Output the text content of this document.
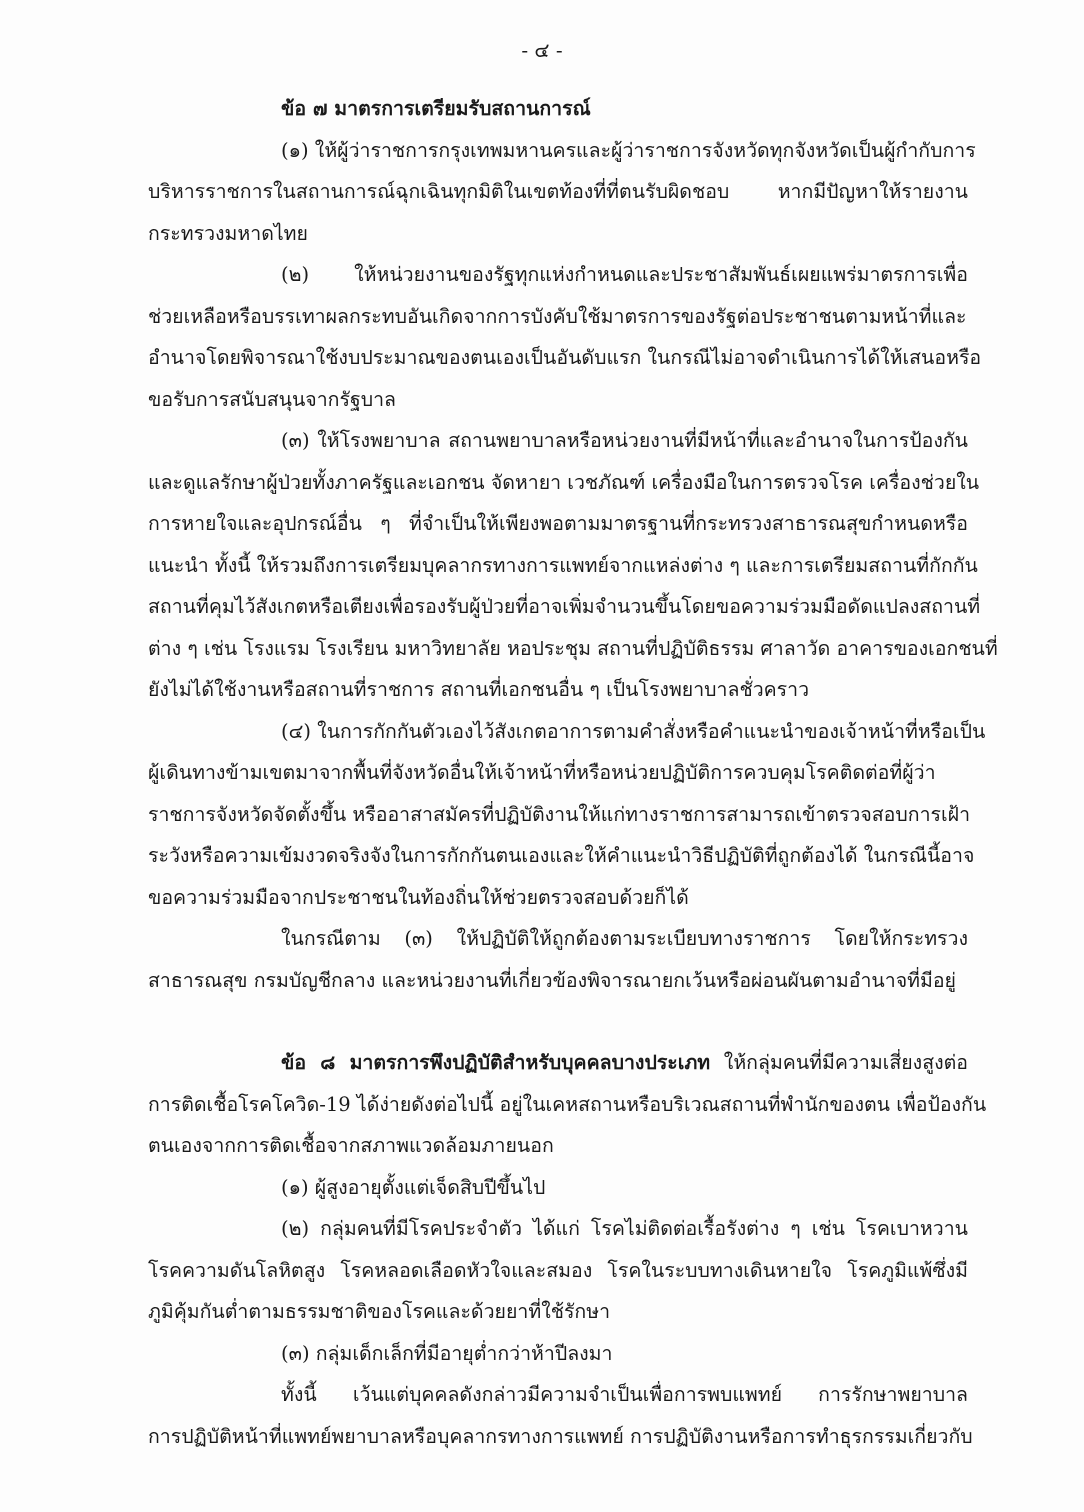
- ๔ -
ข้อ ๗ มาตรการเตรียมรับสถานการณ์
(๑) ให้ผู้ว่าราชการกรุงเทพมหานครและผู้ว่าราชการจังหวัดทุกจังหวัดเป็นผู้กำกับการ
บริหารราชการในสถานการณ์ฉุกเฉินทุกมิติในเขตท้องที่ที่ตนรับผิดชอบ หากมีปัญหาให้รายงาน
กระทรวงมหาดไทย
(๒) ให้หน่วยงานของรัฐทุกแห่งกำหนดและประชาสัมพันธ์เผยแพร่มาตรการเพื่อ
ช่วยเหลือหรือบรรเทาผลกระทบอันเกิดจากการบังคับใช้มาตรการของรัฐต่อประชาชนตามหน้าที่และ
อำนาจโดยพิจารณาใช้งบประมาณของตนเองเป็นอันดับแรก ในกรณีไม่อาจดำเนินการได้ให้เสนอหรือ
ขอรับการสนับสนุนจากรัฐบาล
(๓) ให้โรงพยาบาล สถานพยาบาลหรือหน่วยงานที่มีหน้าที่และอำนาจในการป้องกัน
และดูแลรักษาผู้ป่วยทั้งภาครัฐและเอกชน จัดหายา เวชภัณฑ์ เครื่องมือในการตรวจโรค เครื่องช่วยใน
การหายใจและอุปกรณ์อื่น ๆ ที่จำเป็นให้เพียงพอตามมาตรฐานที่กระทรวงสาธารณสุขกำหนดหรือ
แนะนำ ทั้งนี้ ให้รวมถึงการเตรียมบุคลากรทางการแพทย์จากแหล่งต่าง ๆ และการเตรียมสถานที่กักกัน
สถานที่คุมไว้สังเกตหรือเตียงเพื่อรองรับผู้ป่วยที่อาจเพิ่มจำนวนขึ้นโดยขอความร่วมมือดัดแปลงสถานที่
ต่าง ๆ เช่น โรงแรม โรงเรียน มหาวิทยาลัย หอประชุม สถานที่ปฏิบัติธรรม ศาลาวัด อาคารของเอกชนที่
ยังไม่ได้ใช้งานหรือสถานที่ราชการ สถานที่เอกชนอื่น ๆ เป็นโรงพยาบาลชั่วคราว
(๔) ในการกักกันตัวเองไว้สังเกตอาการตามคำสั่งหรือคำแนะนำของเจ้าหน้าที่หรือเป็น
ผู้เดินทางข้ามเขตมาจากพื้นที่จังหวัดอื่นให้เจ้าหน้าที่หรือหน่วยปฏิบัติการควบคุมโรคติดต่อที่ผู้ว่า
ราชการจังหวัดจัดตั้งขึ้น หรืออาสาสมัครที่ปฏิบัติงานให้แก่ทางราชการสามารถเข้าตรวจสอบการเฝ้า
ระวังหรือความเข้มงวดจริงจังในการกักกันตนเองและให้คำแนะนำวิธีปฏิบัติที่ถูกต้องได้ ในกรณีนี้อาจ
ขอความร่วมมือจากประชาชนในท้องถิ่นให้ช่วยตรวจสอบด้วยก็ได้
ในกรณีตาม (๓) ให้ปฏิบัติให้ถูกต้องตามระเบียบทางราชการ โดยให้กระทรวง
สาธารณสุข กรมบัญชีกลาง และหน่วยงานที่เกี่ยวข้องพิจารณายกเว้นหรือผ่อนผันตามอำนาจที่มีอยู่
ข้อ ๘ มาตรการพึงปฏิบัติสำหรับบุคคลบางประเภท ให้กลุ่มคนที่มีความเสี่ยงสูงต่อ
การติดเชื้อโรคโควิด-19 ได้ง่ายดังต่อไปนี้ อยู่ในเคหสถานหรือบริเวณสถานที่พำนักของตน เพื่อป้องกัน
ตนเองจากการติดเชื้อจากสภาพแวดล้อมภายนอก
(๑) ผู้สูงอายุตั้งแต่เจ็ดสิบปีขึ้นไป
(๒) กลุ่มคนที่มีโรคประจำตัว ได้แก่ โรคไม่ติดต่อเรื้อรังต่าง ๆ เช่น โรคเบาหวาน
โรคความดันโลหิตสูง โรคหลอดเลือดหัวใจและสมอง โรคในระบบทางเดินหายใจ โรคภูมิแพ้ซึ่งมี
ภูมิคุ้มกันต่ำตามธรรมชาติของโรคและด้วยยาที่ใช้รักษา
(๓) กลุ่มเด็กเล็กที่มีอายุต่ำกว่าห้าปีลงมา
ทั้งนี้ เว้นแต่บุคคลดังกล่าวมีความจำเป็นเพื่อการพบแพทย์ การรักษาพยาบาล
การปฏิบัติหน้าที่แพทย์พยาบาลหรือบุคลากรทางการแพทย์ การปฏิบัติงานหรือการทำธุรกรรมเกี่ยวกับ
